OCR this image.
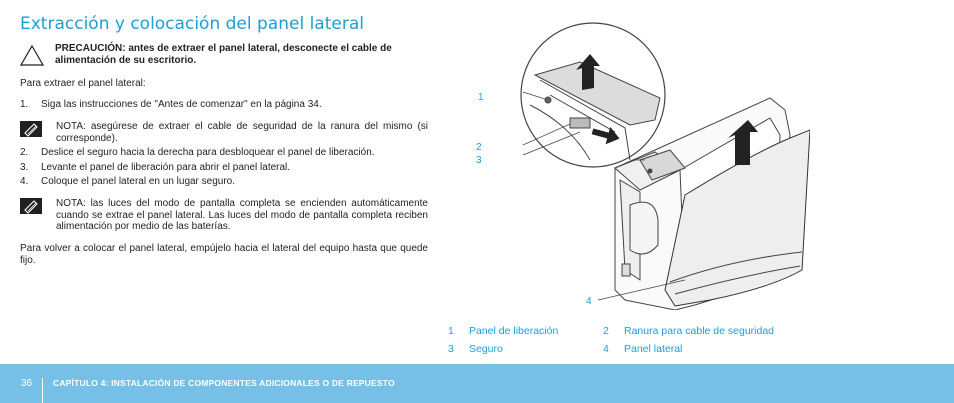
Extracción y colocación del panel lateral
PRECAUCIÓN: antes de extraer el panel lateral, desconecte el cable de alimentación de su escritorio.
Para extraer el panel lateral:
1. Siga las instrucciones de "Antes de comenzar" en la página 34.
NOTA: asegúrese de extraer el cable de seguridad de la ranura del mismo (si corresponde).
2. Deslice el seguro hacia la derecha para desbloquear el panel de liberación.
3. Levante el panel de liberación para abrir el panel lateral.
4. Coloque el panel lateral en un lugar seguro.
NOTA: las luces del modo de pantalla completa se encienden automáticamente cuando se extrae el panel lateral. Las luces del modo de pantalla completa reciben alimentación por medio de las baterías.
Para volver a colocar el panel lateral, empújelo hacia el lateral del equipo hasta que quede fijo.
1
2
3
4
1 Panel de liberación	2 Ranura para cable de seguridad
3 Seguro	4 Panel lateral
36 CAPÍTULO 4: INSTALACIÓN DE COMPONENTES ADICIONALES O DE REPUESTO
